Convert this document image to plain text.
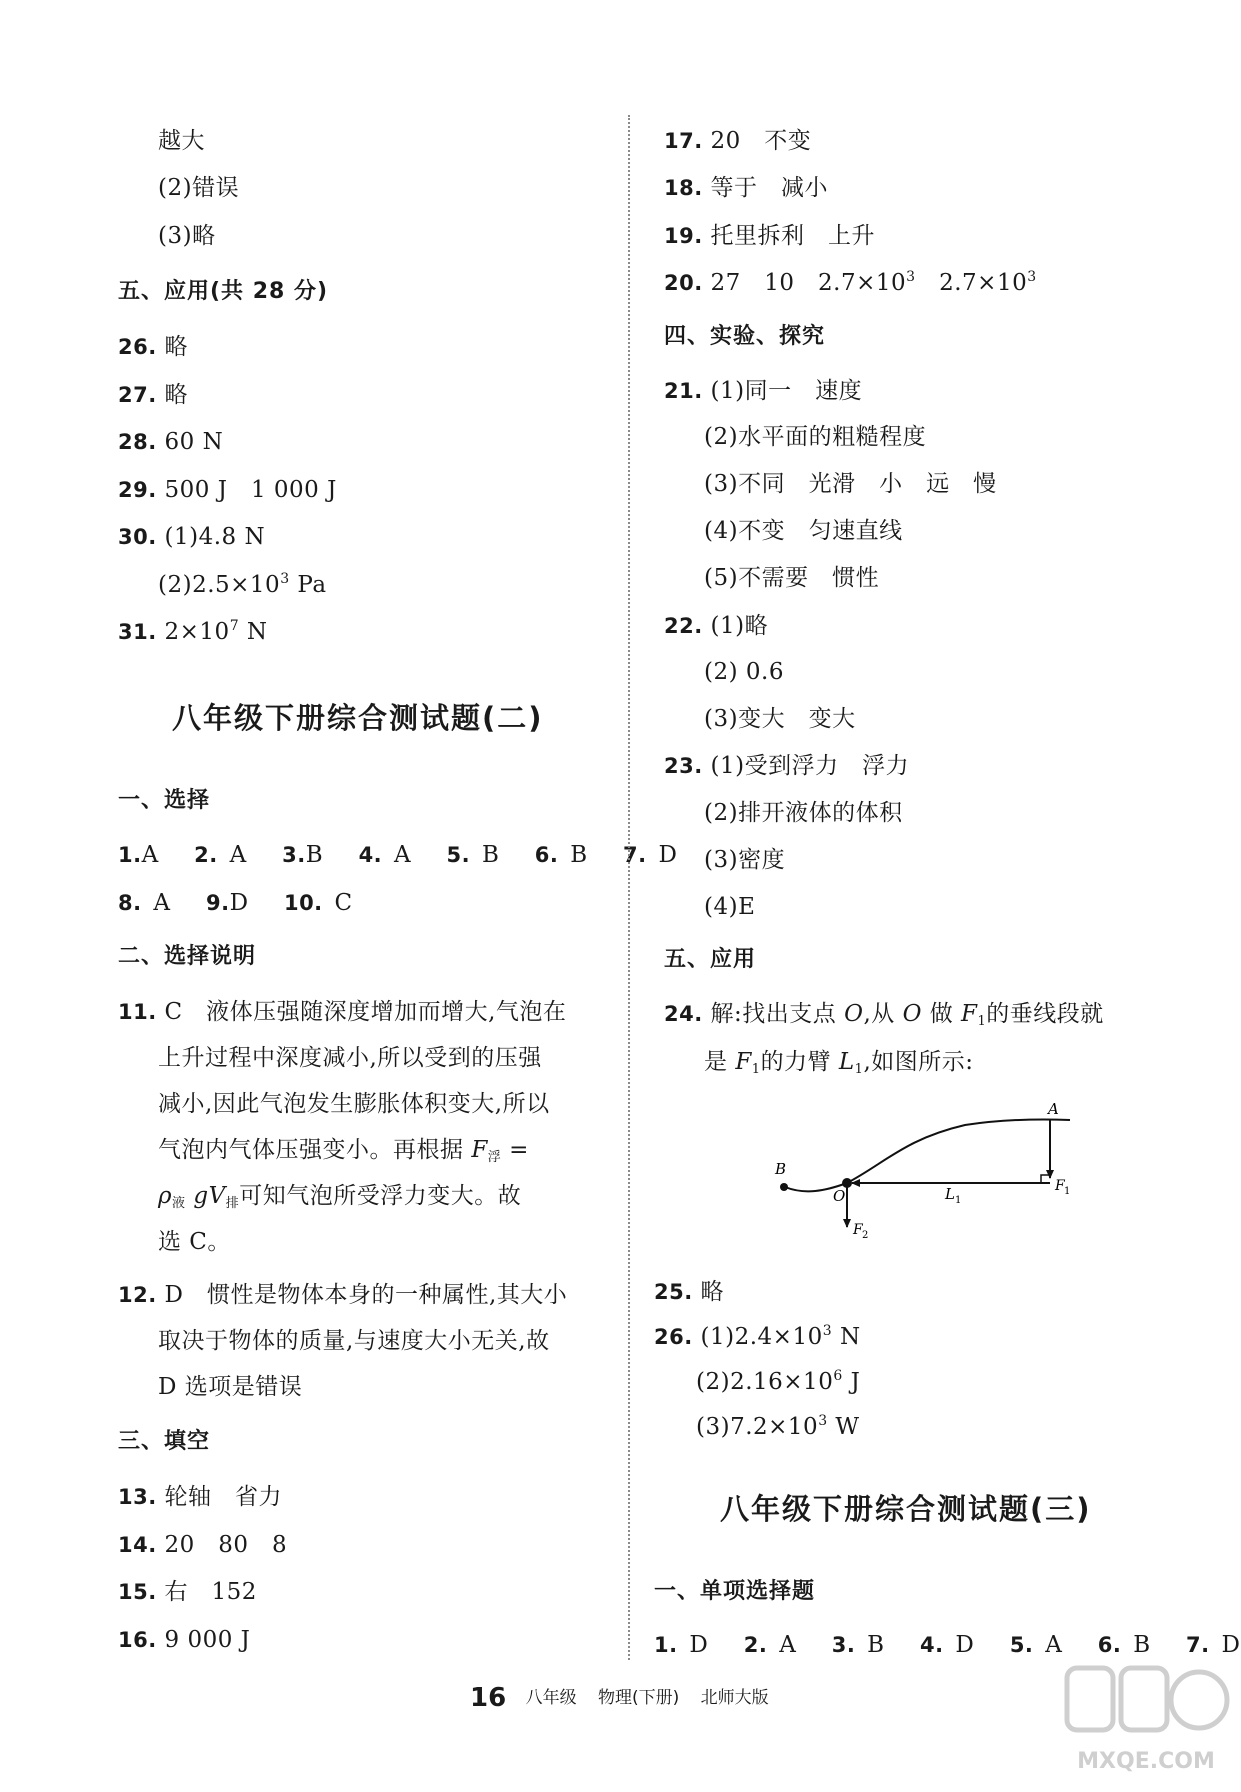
越大
(2)错误
(3)略
五、应用(共 28 分)
26. 略
27. 略
28. 60 N
29. 500 J　1 000 J
30. (1)4.8 N
$(2)2.5\times 10^3$ Pa
31. $2\times 10^7$ N
八年级下册综合测试题(二)
一、选择
1.A 2. A 3.B 4. A 5. B 6. B 7. D
8. A 9.D 10. C
二、选择说明
11. C　液体压强随深度增加而增大,气泡在
上升过程中深度减小,所以受到的压强
减小,因此气泡发生膨胀体积变大,所以
气泡内气体压强变小。再根据 $F_浮$ =
$\rho_液$ $gV_排$可知气泡所受浮力变大。故
选 C。
12. D　惯性是物体本身的一种属性,其大小
取决于物体的质量,与速度大小无关,故
D 选项是错误
三、填空
13. 轮轴　省力
14. 20　80　8
15. 右　152
16. 9 000 J
17. 20　不变
18. 等于　减小
19. 托里拆利　上升
20. 27　10　$2.7\times 10^3$　$2.7\times 10^3$
四、实验、探究
21. (1)同一　速度
(2)水平面的粗糙程度
(3)不同　光滑　小　远　慢
(4)不变　匀速直线
(5)不需要　惯性
22. (1)略
(2) 0.6
(3)变大　变大
23. (1)受到浮力　浮力
(2)排开液体的体积
(3)密度
(4)E
五、应用
24. 解:找出支点 O,从 O 做 $F_1$的垂线段就
是 $F_1$的力臂 $L_1$,如图所示:
A
B
O	L 1
F 1
F 2
25. 略
26. $(1)2.4\times 10^3$ N
$(2)2.16\times 10^6$ J
$(3)7.2\times 10^3$ W
八年级下册综合测试题(三)
一、单项选择题
1. D 2. A 3. B 4. D 5. A 6. B 7. D
16 八年级 物理(下册) 北师大版
MXQE.COM
